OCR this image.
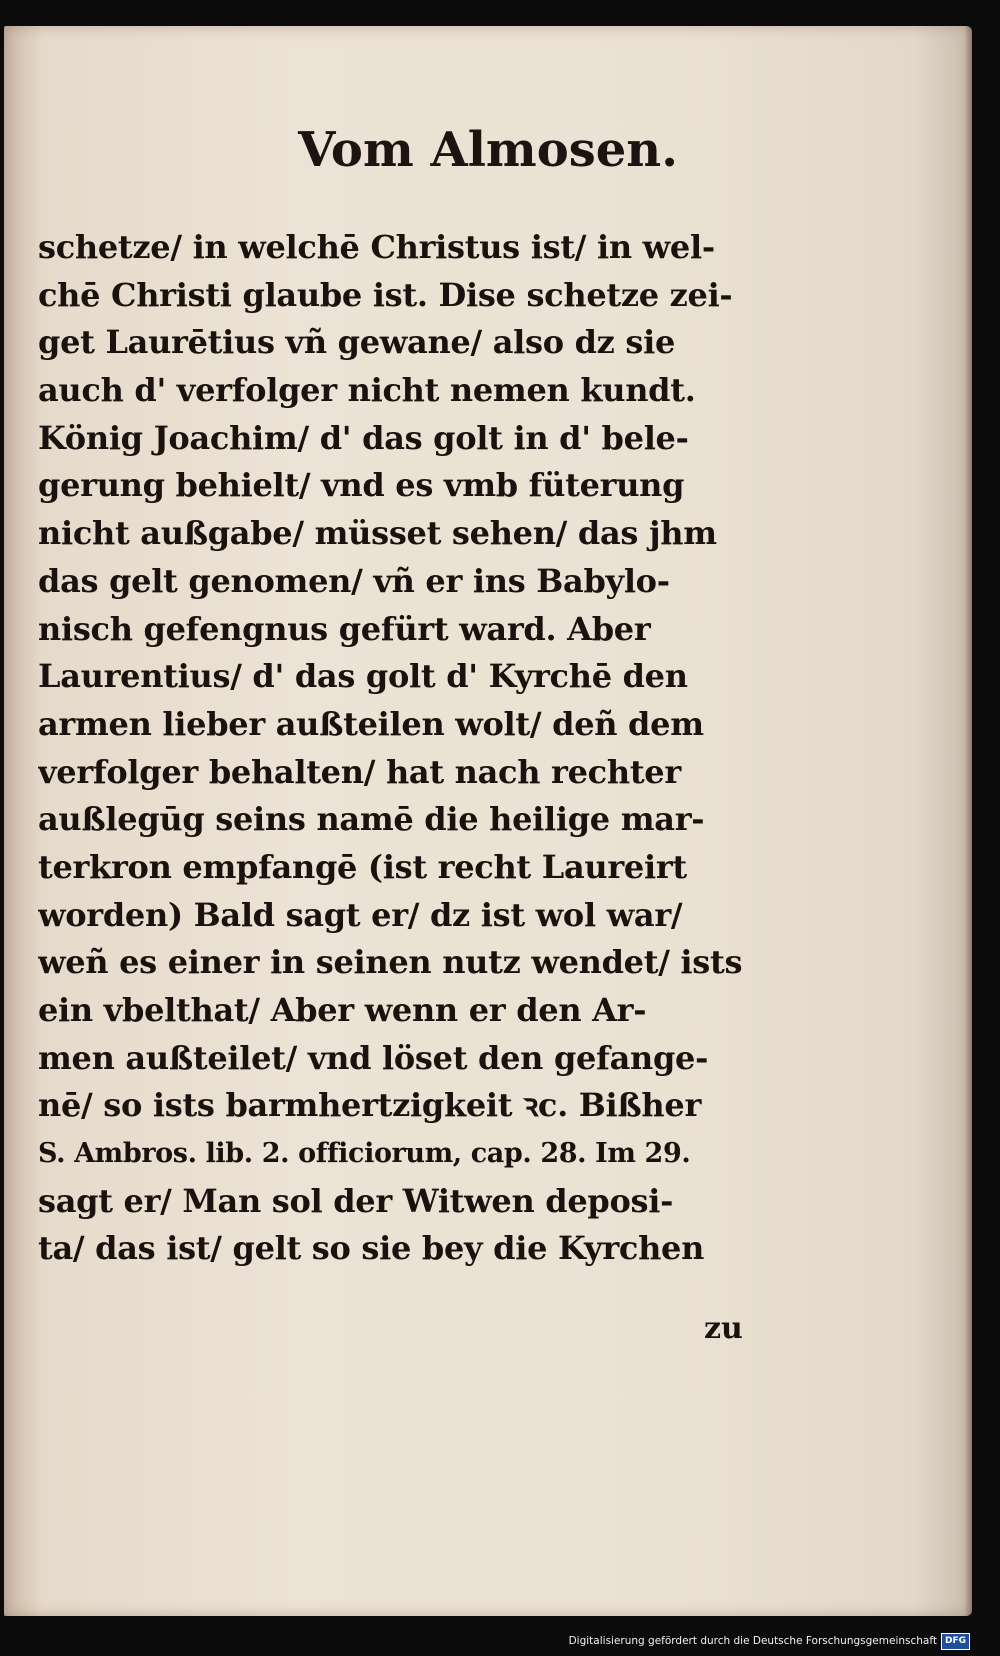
Vom Almosen.
schetze/ in welchē Christus ist/ in wel-
chē Christi glaube ist. Dise schetze zei-
get Laurētius vñ gewane/ also dz sie
auch d' verfolger nicht nemen kundt.
König Joachim/ d' das golt in d' bele-
gerung behielt/ vnd es vmb füterung
nicht außgabe/ müsset sehen/ das jhm
das gelt genomen/ vñ er ins Babylo-
nisch gefengnus gefürt ward. Aber
Laurentius/ d' das golt d' Kyrchē den
armen lieber außteilen wolt/ deñ dem
verfolger behalten/ hat nach rechter
außlegūg seins namē die heilige mar-
terkron empfangē (ist recht Laureirt
worden) Bald sagt er/ dz ist wol war/
weñ es einer in seinen nutz wendet/ ists
ein vbelthat/ Aber wenn er den Ar-
men außteilet/ vnd löset den gefange-
nē/ so ists barmhertzigkeit ꝛc. Bißher
S. Ambros. lib. 2. officiorum, cap. 28. Im 29.
sagt er/ Man sol der Witwen deposi-
ta/ das ist/ gelt so sie bey die Kyrchen
zu
Digitalisierung gefördert durch die Deutsche Forschungsgemeinschaft DFG
